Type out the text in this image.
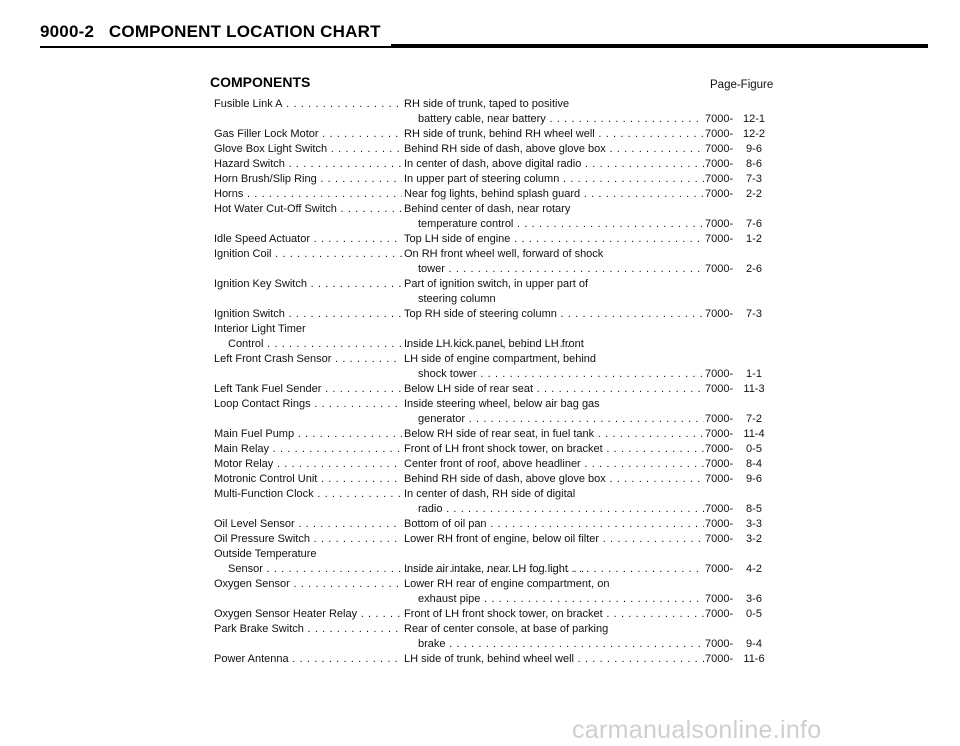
9000-2 COMPONENT LOCATION CHART
COMPONENTS	Page-Figure
Fusible Link A . . .	RH side of trunk, taped to positive
battery cable, near battery . . .	7000- 12-1
Gas Filler Lock Motor . . .	RH side of trunk, behind RH wheel well . . .	7000- 12-2
Glove Box Light Switch . . .	Behind RH side of dash, above glove box . . .	7000-	9-6
Hazard Switch . . .	In center of dash, above digital radio . . .	7000-	8-6
Horn Brush/Slip Ring . . .	In upper part of steering column . . .	7000-	7-3
Horns . . .	Near fog lights, behind splash guard . . .	7000-	2-2
Hot Water Cut-Off Switch . . .	Behind center of dash, near rotary
temperature control . . .	7000-	7-6
Idle Speed Actuator . . .	Top LH side of engine . . .	7000-	1-2
Ignition Coil . . .	On RH front wheel well, forward of shock
tower . . .	7000-	2-6
Ignition Key Switch . . .	Part of ignition switch, in upper part of
steering column
Ignition Switch . . .	Top RH side of steering column . . .	7000-	7-3
Interior Light Timer
Control . . .	Inside LH kick panel, behind LH front
Left Front Crash Sensor . . .	LH side of engine compartment, behind
shock tower . . .	7000-	1-1
Left Tank Fuel Sender . . .	Below LH side of rear seat . . .	7000- 11-3
Loop Contact Rings . . .	Inside steering wheel, below air bag gas
generator . . .	7000-	7-2
Main Fuel Pump . . .	Below RH side of rear seat, in fuel tank . . .	7000- 11-4
Main Relay . . .	Front of LH front shock tower, on bracket . . .	7000-	0-5
Motor Relay . . .	Center front of roof, above headliner . . .	7000-	8-4
Motronic Control Unit . . .	Behind RH side of dash, above glove box . . .	7000-	9-6
Multi-Function Clock . . .	In center of dash, RH side of digital
radio . . .	7000-	8-5
Oil Level Sensor . . .	Bottom of oil pan . . .	7000-	3-3
Oil Pressure Switch . . .	Lower RH front of engine, below oil filter . . .	7000-	3-2
Outside Temperature
Sensor . . .	Inside air intake, near LH fog light . . .	7000-	4-2
Oxygen Sensor . . .	Lower RH rear of engine compartment, on
exhaust pipe . . .	7000-	3-6
Oxygen Sensor Heater Relay . . .	Front of LH front shock tower, on bracket . . .	7000-	0-5
Park Brake Switch . . .	Rear of center console, at base of parking
brake . . .	7000-	9-4
Power Antenna . . .	LH side of trunk, behind wheel well . . .	7000- 11-6
carmanualsonline.info
